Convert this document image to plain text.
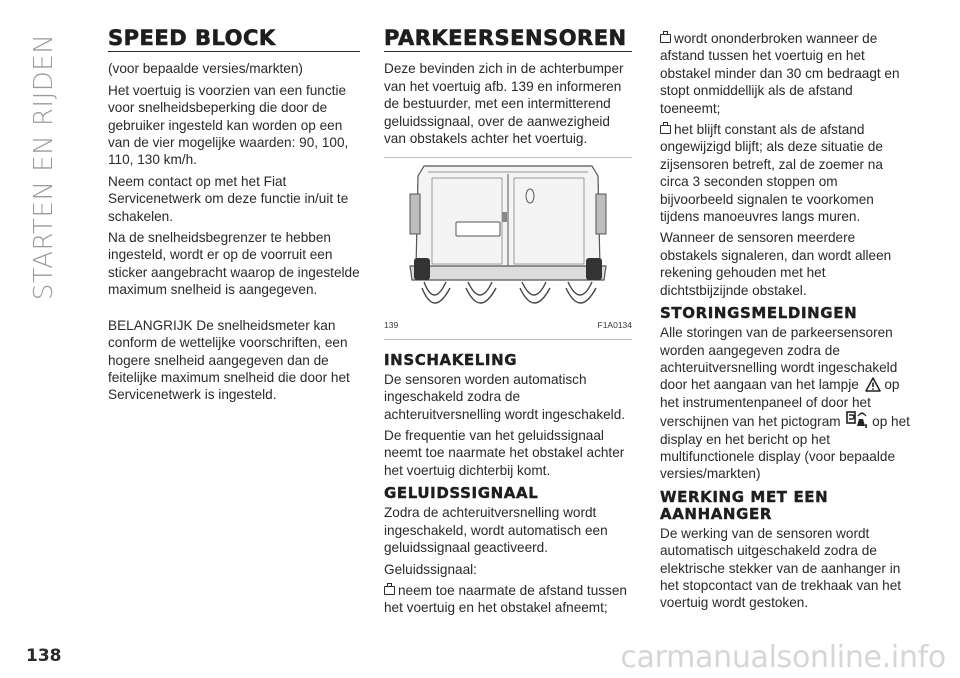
STARTEN EN RIJDEN SPEED BLOCK

(voor bepaalde versies/markten)

Het voertuig is voorzien van een functie voor snelheidsbeperking die door de gebruiker ingesteld kan worden op een van de vier mogelijke waarden: 90, 100, 110, 130 km/h.

Neem contact op met het Fiat Servicenetwerk om deze functie in/uit te schakelen.

Na de snelheidsbegrenzer te hebben ingesteld, wordt er op de voorruit een sticker aangebracht waarop de ingestelde maximum snelheid is aangegeven.

BELANGRIJK De snelheidsmeter kan conform de wettelijke voorschriften, een hogere snelheid aangegeven dan de feitelijke maximum snelheid die door het Servicenetwerk is ingesteld.

PARKEERSENSOREN

Deze bevinden zich in de achterbumper van het voertuig afb. 139 en informeren de bestuurder, met een intermitterend geluidssignaal, over de aanwezigheid van obstakels achter het voertuig.

139	F1A0134
INSCHAKELING

De sensoren worden automatisch ingeschakeld zodra de achteruitversnelling wordt ingeschakeld.

De frequentie van het geluidssignaal neemt toe naarmate het obstakel achter het voertuig dichterbij komt.

GELUIDSSIGNAAL

Zodra de achteruitversnelling wordt ingeschakeld, wordt automatisch een geluidssignaal geactiveerd.

Geluidssignaal:

neem toe naarmate de afstand tussen het voertuig en het obstakel afneemt;

wordt ononderbroken wanneer de afstand tussen het voertuig en het obstakel minder dan 30 cm bedraagt en stopt onmiddellijk als de afstand toeneemt;

het blijft constant als de afstand ongewijzigd blijft; als deze situatie de zijsensoren betreft, zal de zoemer na circa 3 seconden stoppen om bijvoorbeeld signalen te voorkomen tijdens manoeuvres langs muren.

Wanneer de sensoren meerdere obstakels signaleren, dan wordt alleen rekening gehouden met het dichtstbijzijnde obstakel.

STORINGSMELDINGEN

Alle storingen van de parkeersensoren worden aangegeven zodra de achteruitversnelling wordt ingeschakeld door het aangaan van het lampje op het instrumentenpaneel of door het verschijnen van het pictogram op het display en het bericht op het multifunctionele display (voor bepaalde versies/markten)

WERKING MET EEN AANHANGER

De werking van de sensoren wordt automatisch uitgeschakeld zodra de elektrische stekker van de aanhanger in het stopcontact van de trekhaak van het voertuig wordt gestoken.

138	carmanualsonline.info
